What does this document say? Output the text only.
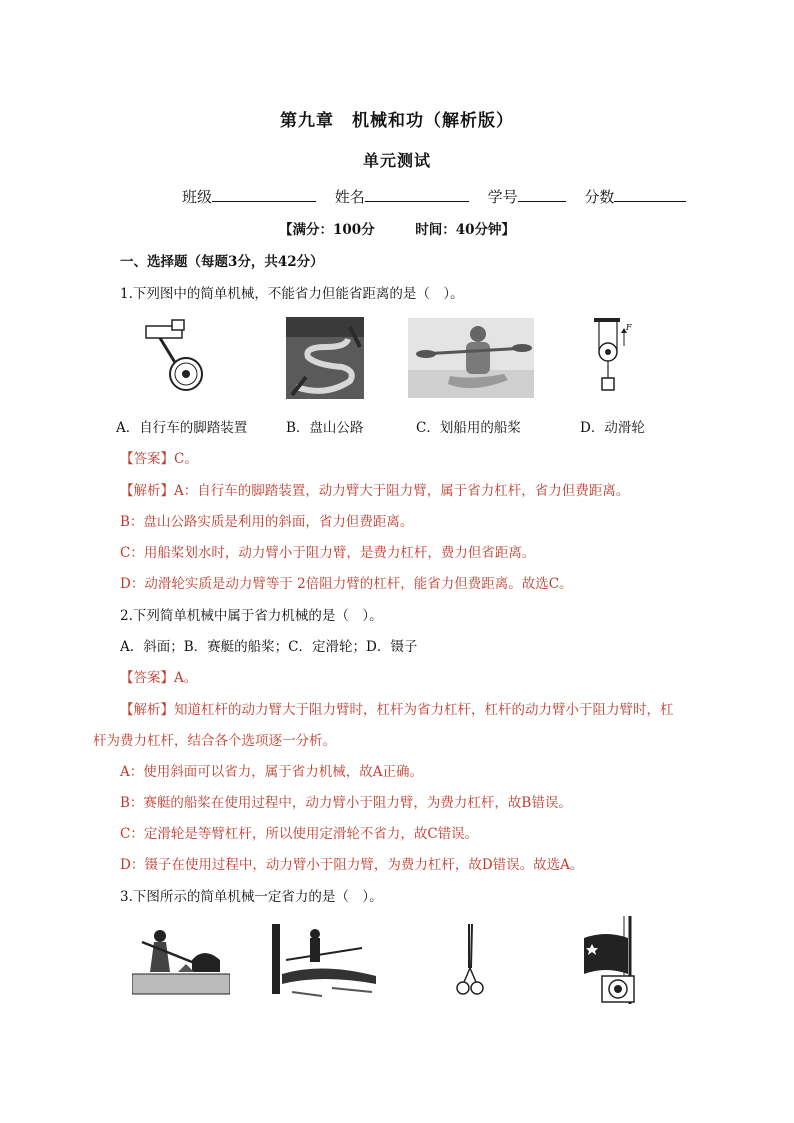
第九章　机械和功（解析版）
单元测试
班级	姓名	学号	分数
【满分：100分　　　时间：40分钟】
一、选择题（每题3分，共42分）
1.下列图中的简单机械，不能省力但能省距离的是（　）。
F
A．自行车的脚踏装置	B．盘山公路	C．划船用的船桨	D．动滑轮
【答案】C。
【解析】A：自行车的脚踏装置，动力臂大于阻力臂，属于省力杠杆，省力但费距离。
B：盘山公路实质是利用的斜面，省力但费距离。
C：用船桨划水时，动力臂小于阻力臂，是费力杠杆，费力但省距离。
D：动滑轮实质是动力臂等于 2倍阻力臂的杠杆，能省力但费距离。故选C。
2.下列简单机械中属于省力机械的是（　）。
A．斜面；B．赛艇的船桨；C．定滑轮；D．镊子
【答案】A。
【解析】知道杠杆的动力臂大于阻力臂时，杠杆为省力杠杆，杠杆的动力臂小于阻力臂时，杠
杆为费力杠杆，结合各个选项逐一分析。
A：使用斜面可以省力，属于省力机械，故A正确。
B：赛艇的船桨在使用过程中，动力臂小于阻力臂，为费力杠杆，故B错误。
C：定滑轮是等臂杠杆，所以使用定滑轮不省力，故C错误。
D：镊子在使用过程中，动力臂小于阻力臂，为费力杠杆，故D错误。故选A。
3.下图所示的简单机械一定省力的是（　）。
